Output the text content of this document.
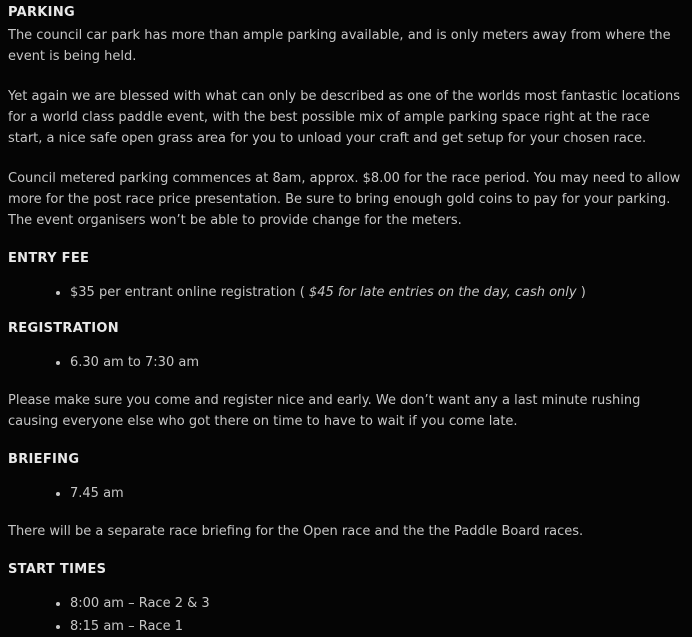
PARKING

The council car park has more than ample parking available, and is only meters away from where the event is being held.

Yet again we are blessed with what can only be described as one of the worlds most fantastic locations for a world class paddle event, with the best possible mix of ample parking space right at the race start, a nice safe open grass area for you to unload your craft and get setup for your chosen race.

Council metered parking commences at 8am, approx. $8.00 for the race period. You may need to allow more for the post race price presentation. Be sure to bring enough gold coins to pay for your parking. The event organisers won’t be able to provide change for the meters.

ENTRY FEE
• $35 per entrant online registration ( $45 for late entries on the day, cash only )
REGISTRATION
• 6.30 am to 7:30 am

Please make sure you come and register nice and early. We don’t want any a last minute rushing causing everyone else who got there on time to have to wait if you come late.

BRIEFING
• 7.45 am

There will be a separate race briefing for the Open race and the the Paddle Board races.

START TIMES
• 8:00 am – Race 2 & 3
• 8:15 am – Race 1
